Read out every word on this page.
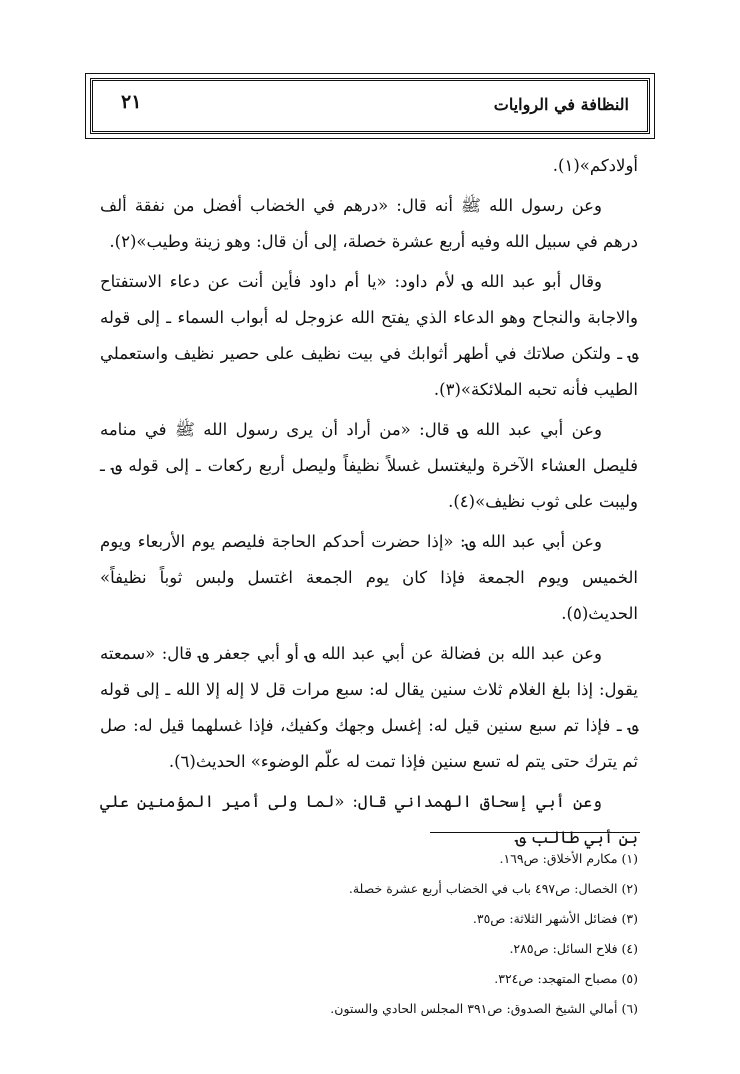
النظافة في الروايات
٢١

أولادكم»(١).

وعن رسول الله ﷺ أنه قال: «درهم في الخضاب أفضل من نفقة ألف درهم في سبيل الله وفيه أربع عشرة خصلة، إلى أن قال: وهو زينة وطيب»(٢).

وقال أبو عبد الله ؈ لأم داود: «يا أم داود فأين أنت عن دعاء الاستفتاح والاجابة والنجاح وهو الدعاء الذي يفتح الله عزوجل له أبواب السماء ـ إلى قوله ؈ ـ ولتكن صلاتك في أطهر أثوابك في بيت نظيف على حصير نظيف واستعملي الطيب فأنه تحبه الملائكة»(٣).

وعن أبي عبد الله ؈ قال: «من أراد أن يرى رسول الله ﷺ في منامه فليصل العشاء الآخرة وليغتسل غسلاً نظيفاً وليصل أربع ركعات ـ إلى قوله ؈ ـ وليبت على ثوب نظيف»(٤).

وعن أبي عبد الله ؈: «إذا حضرت أحدكم الحاجة فليصم يوم الأربعاء ويوم الخميس ويوم الجمعة فإذا كان يوم الجمعة اغتسل ولبس ثوباً نظيفاً» الحديث(٥).

وعن عبد الله بن فضالة عن أبي عبد الله ؈ أو أبي جعفر ؈ قال: «سمعته يقول: إذا بلغ الغلام ثلاث سنين يقال له: سبع مرات قل لا إله إلا الله ـ إلى قوله ؈ ـ فإذا تم سبع سنين قيل له: إغسل وجهك وكفيك، فإذا غسلهما قيل له: صل ثم يترك حتى يتم له تسع سنين فإذا تمت له علّم الوضوء» الحديث(٦).

وعن أبي إسحاق الهمداني قال: «لما ولى أمير المؤمنين علي بن أبي طالب ؈

(١) مكارم الأخلاق: ص١٦٩.
(٢) الخصال: ص٤٩٧ باب في الخضاب أربع عشرة خصلة.
(٣) فضائل الأشهر الثلاثة: ص٣٥.
(٤) فلاح السائل: ص٢٨٥.
(٥) مصباح المتهجد: ص٣٢٤.
(٦) أمالي الشيخ الصدوق: ص٣٩١ المجلس الحادي والستون.
